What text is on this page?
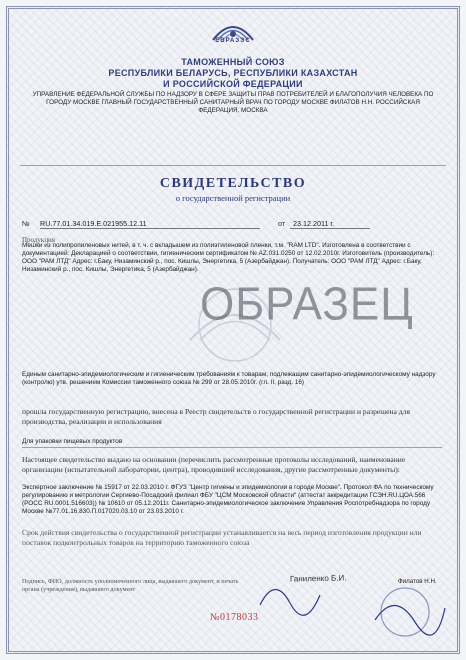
ЕВРАЗЭС
ТАМОЖЕННЫЙ СОЮЗ
РЕСПУБЛИКИ БЕЛАРУСЬ, РЕСПУБЛИКИ КАЗАХСТАН
И РОССИЙСКОЙ ФЕДЕРАЦИИ
УПРАВЛЕНИЕ ФЕДЕРАЛЬНОЙ СЛУЖБЫ ПО НАДЗОРУ В СФЕРЕ ЗАЩИТЫ ПРАВ ПОТРЕБИТЕЛЕЙ И БЛАГОПОЛУЧИЯ ЧЕЛОВЕКА ПО ГОРОДУ МОСКВЕ ГЛАВНЫЙ ГОСУДАРСТВЕННЫЙ САНИТАРНЫЙ ВРАЧ ПО ГОРОДУ МОСКВЕ ФИЛАТОВ Н.Н. РОССИЙСКАЯ ФЕДЕРАЦИЯ, МОСКВА
СВИДЕТЕЛЬСТВО
о государственной регистрации
№ RU.77.01.34.019.Е.021955.12.11	от 23.12.2011 г.
Продукция
Мешки из полипропиленовых нитей, в т. ч. с вкладышем из полиэтиленовой пленки, т.м. "RAM LTD". Изготовлена в соответствии с документацией: Декларацией о соответствии, гигиеническим сертификатом № AZ.031.0250 от 12.02.2010г. Изготовитель (производитель): ООО "РАМ ЛТД" Адрес: г.Баку, Низаминский р., пос. Кишлы, Энергетика, 5 (Азербайджан). Получатель: ООО "РАМ ЛТД" Адрес: г.Баку, Низаминский р., пос. Кишлы, Энергетика, 5 (Азербайджан).
ОБРАЗЕЦ
Единым санитарно-эпидемиологическим и гигиеническим требованиям к товарам, подлежащим санитарно-эпидемиологическому надзору (контролю) утв. решением Комиссии таможенного союза № 299 от 28.05.2010г. (гл. II, разд. 16)
прошла государственную регистрацию, внесена в Реестр свидетельств о государственной регистрации и разрешена для производства, реализации и использования
Для упаковки пищевых продуктов
Настоящее свидетельство выдано на основании (перечислить рассмотренные протоколы исследований, наименование организации (испытательной лаборатории, центра), проводившей исследования, другие рассмотренные документы):
Экспертное заключение № 15917 от 22.03.2010 г. ФГУЗ "Центр гигиены и эпидемиологии в городе Москве". Протокол ФА по техническому регулированию и метрологии Сергиево-Посадский филиал ФБУ "ЦСМ Московской области" (аттестат аккредитации ГСЭН.RU.ЦОА.566 (РОСС RU.0001.516603)) № 10610 от 05.12.2011г. Санитарно-эпидемиологическое заключение Управления Роспотребнадзора по городу Москве №77.01.16.830.П.017020.03.10 от 23.03.2010 г.
Срок действия свидетельства о государственной регистрации устанавливается на весь период изготовления продукции или поставок подконтрольных товаров на территорию таможенного союза
Подпись, ФИО, должность уполномоченного лица, выдавшего документ, и печать органа (учреждения), выдавшего документ
Ганиленко Б.И.	Филатов Н.Н.
№0178033
